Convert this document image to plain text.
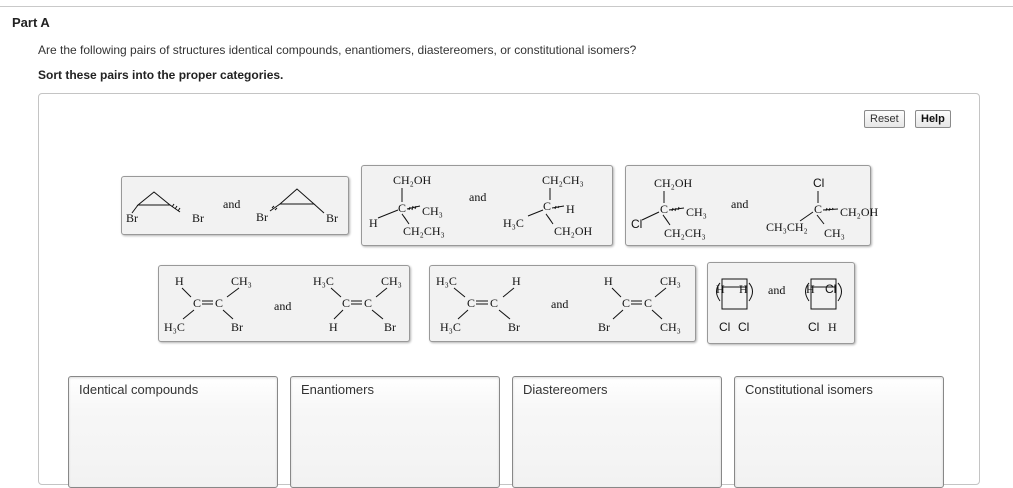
Part A
Are the following pairs of structures identical compounds, enantiomers, diastereomers, or constitutional isomers?
Sort these pairs into the proper categories.
Reset	Help
Br	Br
and
Br	Br
CH₂OH
C CH₃
H
CH₂CH₃
and
CH₂CH₃
C H
H₃C
CH₂OH
CH₂OH
C CH₃
Cl
CH₂CH₃
and
Cl
C CH₂OH
CH₃CH₂ CH₃
H	CH₃
C C
H₃C	Br
and
H₃C	CH₃
C C
H	Br
H₃C	H
C C
H₃C	Br
and
H	CH₃
C C
Br	CH₃
H H
Cl Cl
and H Cl
Cl H
Identical compounds	Enantiomers	Diastereomers	Constitutional isomers
